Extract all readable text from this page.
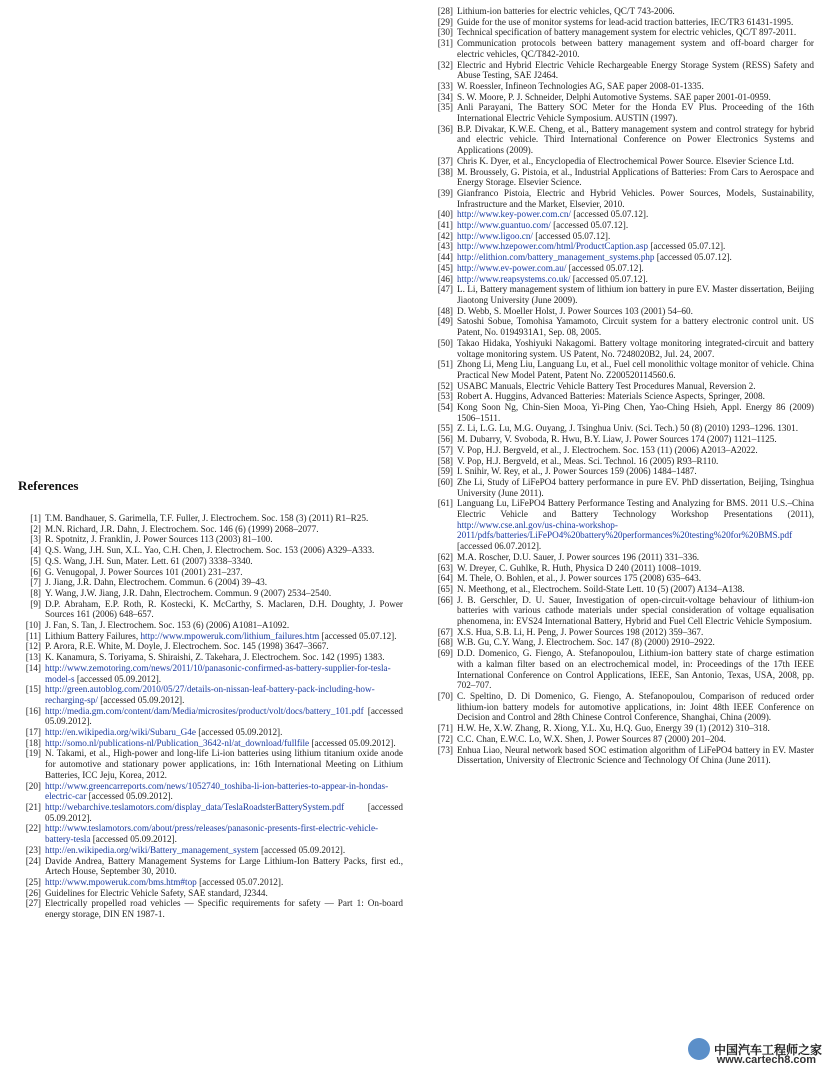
References
[1] T.M. Bandhauer, S. Garimella, T.F. Fuller, J. Electrochem. Soc. 158 (3) (2011) R1–R25.
[2] M.N. Richard, J.R. Dahn, J. Electrochem. Soc. 146 (6) (1999) 2068–2077.
[3] R. Spotnitz, J. Franklin, J. Power Sources 113 (2003) 81–100.
[4] Q.S. Wang, J.H. Sun, X.L. Yao, C.H. Chen, J. Electrochem. Soc. 153 (2006) A329–A333.
[5] Q.S. Wang, J.H. Sun, Mater. Lett. 61 (2007) 3338–3340.
[6] G. Venugopal, J. Power Sources 101 (2001) 231–237.
[7] J. Jiang, J.R. Dahn, Electrochem. Commun. 6 (2004) 39–43.
[8] Y. Wang, J.W. Jiang, J.R. Dahn, Electrochem. Commun. 9 (2007) 2534–2540.
[9] D.P. Abraham, E.P. Roth, R. Kostecki, K. McCarthy, S. Maclaren, D.H. Doughty, J. Power Sources 161 (2006) 648–657.
[10] J. Fan, S. Tan, J. Electrochem. Soc. 153 (6) (2006) A1081–A1092.
[11] Lithium Battery Failures, http://www.mpoweruk.com/lithium_failures.htm [accessed 05.07.12].
[12] P. Arora, R.E. White, M. Doyle, J. Electrochem. Soc. 145 (1998) 3647–3667.
[13] K. Kanamura, S. Toriyama, S. Shiraishi, Z. Takehara, J. Electrochem. Soc. 142 (1995) 1383.
[14] http://www.zemotoring.com/news/2011/10/panasonic-confirmed-as-battery-supplier-for-tesla-model-s [accessed 05.09.2012].
[15] http://green.autoblog.com/2010/05/27/details-on-nissan-leaf-battery-pack-including-how-recharging-sp/ [accessed 05.09.2012].
[16] http://media.gm.com/content/dam/Media/microsites/product/volt/docs/battery_101.pdf [accessed 05.09.2012].
[17] http://en.wikipedia.org/wiki/Subaru_G4e [accessed 05.09.2012].
[18] http://somo.nl/publications-nl/Publication_3642-nl/at_download/fullfile [accessed 05.09.2012].
[19] N. Takami, et al., High-power and long-life Li-ion batteries using lithium titanium oxide anode for automotive and stationary power applications, in: 16th International Meeting on Lithium Batteries, ICC Jeju, Korea, 2012.
[20] http://www.greencarreports.com/news/1052740_toshiba-li-ion-batteries-to-appear-in-hondas-electric-car [accessed 05.09.2012].
[21] http://webarchive.teslamotors.com/display_data/TeslaRoadsterBatterySystem.pdf [accessed 05.09.2012].
[22] http://www.teslamotors.com/about/press/releases/panasonic-presents-first-electric-vehicle-battery-tesla [accessed 05.09.2012].
[23] http://en.wikipedia.org/wiki/Battery_management_system [accessed 05.09.2012].
[24] Davide Andrea, Battery Management Systems for Large Lithium-Ion Battery Packs, first ed., Artech House, September 30, 2010.
[25] http://www.mpoweruk.com/bms.htm#top [accessed 05.07.2012].
[26] Guidelines for Electric Vehicle Safety, SAE standard, J2344.
[27] Electrically propelled road vehicles — Specific requirements for safety — Part 1: On-board energy storage, DIN EN 1987-1.
[28] Lithium-ion batteries for electric vehicles, QC/T 743-2006.
[29] Guide for the use of monitor systems for lead-acid traction batteries, IEC/TR3 61431-1995.
[30] Technical specification of battery management system for electric vehicles, QC/T 897-2011.
[31] Communication protocols between battery management system and off-board charger for electric vehicles, QC/T842-2010.
[32] Electric and Hybrid Electric Vehicle Rechargeable Energy Storage System (RESS) Safety and Abuse Testing, SAE J2464.
[33] W. Roessler, Infineon Technologies AG, SAE paper 2008-01-1335.
[34] S. W. Moore, P. J. Schneider, Delphi Automotive Systems. SAE paper 2001-01-0959.
[35] Anli Parayani, The Battery SOC Meter for the Honda EV Plus. Proceeding of the 16th International Electric Vehicle Symposium. AUSTIN (1997).
[36] B.P. Divakar, K.W.E. Cheng, et al., Battery management system and control strategy for hybrid and electric vehicle. Third International Conference on Power Electronics Systems and Applications (2009).
[37] Chris K. Dyer, et al., Encyclopedia of Electrochemical Power Source. Elsevier Science Ltd.
[38] M. Broussely, G. Pistoia, et al., Industrial Applications of Batteries: From Cars to Aerospace and Energy Storage. Elsevier Science.
[39] Gianfranco Pistoia, Electric and Hybrid Vehicles. Power Sources, Models, Sustainability, Infrastructure and the Market, Elsevier, 2010.
[40] http://www.key-power.com.cn/ [accessed 05.07.12].
[41] http://www.guantuo.com/ [accessed 05.07.12].
[42] http://www.ligoo.cn/ [accessed 05.07.12].
[43] http://www.hzepower.com/html/ProductCaption.asp [accessed 05.07.12].
[44] http://elithion.com/battery_management_systems.php [accessed 05.07.12].
[45] http://www.ev-power.com.au/ [accessed 05.07.12].
[46] http://www.reapsystems.co.uk/ [accessed 05.07.12].
[47] L. Li, Battery management system of lithium ion battery in pure EV. Master dissertation, Beijing Jiaotong University (June 2009).
[48] D. Webb, S. Moeller Holst, J. Power Sources 103 (2001) 54–60.
[49] Satoshi Sobue, Tomohisa Yamamoto, Circuit system for a battery electronic control unit. US Patent, No. 0194931A1, Sep. 08, 2005.
[50] Takao Hidaka, Yoshiyuki Nakagomi. Battery voltage monitoring integrated-circuit and battery voltage monitoring system. US Patent, No. 7248020B2, Jul. 24, 2007.
[51] Zhong Li, Meng Liu, Languang Lu, et al., Fuel cell monolithic voltage monitor of vehicle. China Practical New Model Patent, Patent No. Z200520114560.6.
[52] USABC Manuals, Electric Vehicle Battery Test Procedures Manual, Reversion 2.
[53] Robert A. Huggins, Advanced Batteries: Materials Science Aspects, Springer, 2008.
[54] Kong Soon Ng, Chin-Sien Mooa, Yi-Ping Chen, Yao-Ching Hsieh, Appl. Energy 86 (2009) 1506–1511.
[55] Z. Li, L.G. Lu, M.G. Ouyang, J. Tsinghua Univ. (Sci. Tech.) 50 (8) (2010) 1293–1296. 1301.
[56] M. Dubarry, V. Svoboda, R. Hwu, B.Y. Liaw, J. Power Sources 174 (2007) 1121–1125.
[57] V. Pop, H.J. Bergveld, et al., J. Electrochem. Soc. 153 (11) (2006) A2013–A2022.
[58] V. Pop, H.J. Bergveld, et al., Meas. Sci. Technol. 16 (2005) R93–R110.
[59] I. Snihir, W. Rey, et al., J. Power Sources 159 (2006) 1484–1487.
[60] Zhe Li, Study of LiFePO4 battery performance in pure EV. PhD dissertation, Beijing, Tsinghua University (June 2011).
[61] Languang Lu, LiFePO4 Battery Performance Testing and Analyzing for BMS. 2011 U.S.–China Electric Vehicle and Battery Technology Workshop Presentations (2011), http://www.cse.anl.gov/us-china-workshop-2011/pdfs/batteries/LiFePO4%20battery%20performances%20testing%20for%20BMS.pdf [accessed 06.07.2012].
[62] M.A. Roscher, D.U. Sauer, J. Power sources 196 (2011) 331–336.
[63] W. Dreyer, C. Guhlke, R. Huth, Physica D 240 (2011) 1008–1019.
[64] M. Thele, O. Bohlen, et al., J. Power sources 175 (2008) 635–643.
[65] N. Meethong, et al., Electrochem. Soild-State Lett. 10 (5) (2007) A134–A138.
[66] J. B. Gerschler, D. U. Sauer, Investigation of open-circuit-voltage behaviour of lithium-ion batteries with various cathode materials under special consideration of voltage equalisation phenomena, in: EVS24 International Battery, Hybrid and Fuel Cell Electric Vehicle Symposium.
[67] X.S. Hua, S.B. Li, H. Peng, J. Power Sources 198 (2012) 359–367.
[68] W.B. Gu, C.Y. Wang, J. Electrochem. Soc. 147 (8) (2000) 2910–2922.
[69] D.D. Domenico, G. Fiengo, A. Stefanopoulou, Lithium-ion battery state of charge estimation with a kalman filter based on an electrochemical model, in: Proceedings of the 17th IEEE International Conference on Control Applications, IEEE, San Antonio, Texas, USA, 2008, pp. 702–707.
[70] C. Speltino, D. Di Domenico, G. Fiengo, A. Stefanopoulou, Comparison of reduced order lithium-ion battery models for automotive applications, in: Joint 48th IEEE Conference on Decision and Control and 28th Chinese Control Conference, Shanghai, China (2009).
[71] H.W. He, X.W. Zhang, R. Xiong, Y.L. Xu, H.Q. Guo, Energy 39 (1) (2012) 310–318.
[72] C.C. Chan, E.W.C. Lo, W.X. Shen, J. Power Sources 87 (2000) 201–204.
[73] Enhua Liao, Neural network based SOC estimation algorithm of LiFePO4 battery in EV. Master Dissertation, University of Electronic Science and Technology Of China (June 2011).
中国汽车工程师之家
www.cartech8.com
